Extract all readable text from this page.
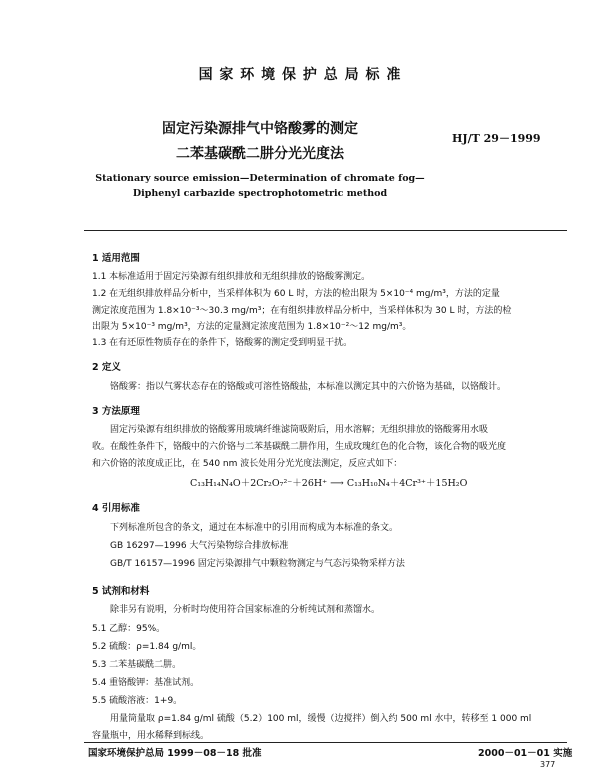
国 家 环 境 保 护 总 局 标 准
固定污染源排气中铬酸雾的测定
二苯基碳酰二肼分光光度法
HJ/T 29－1999
Stationary source emission—Determination of chromate fog—
Diphenyl carbazide spectrophotometric method
1 适用范围
1.1 本标准适用于固定污染源有组织排放和无组织排放的铬酸雾测定。
1.2 在无组织排放样品分析中，当采样体积为 60 L 时，方法的检出限为 5×10⁻⁴ mg/m³，方法的定量
测定浓度范围为 1.8×10⁻³～30.3 mg/m³；在有组织排放样品分析中，当采样体积为 30 L 时，方法的检
出限为 5×10⁻³ mg/m³，方法的定量测定浓度范围为 1.8×10⁻²～12 mg/m³。
1.3 在有还原性物质存在的条件下，铬酸雾的测定受到明显干扰。
2 定义
铬酸雾：指以气雾状态存在的铬酸或可溶性铬酸盐，本标准以测定其中的六价铬为基础，以铬酸计。
3 方法原理
固定污染源有组织排放的铬酸雾用玻璃纤维滤筒吸附后，用水溶解；无组织排放的铬酸雾用水吸
收。在酸性条件下，铬酸中的六价铬与二苯基碳酰二肼作用，生成玫瑰红色的化合物，该化合物的吸光度
和六价铬的浓度成正比，在 540 nm 波长处用分光光度法测定，反应式如下：
C₁₃H₁₄N₄O＋2Cr₂O₇²⁻＋26H⁺ ⟶ C₁₃H₁₀N₄＋4Cr³⁺＋15H₂O
4 引用标准
下列标准所包含的条文，通过在本标准中的引用而构成为本标准的条文。
GB 16297—1996 大气污染物综合排放标准
GB/T 16157—1996 固定污染源排气中颗粒物测定与气态污染物采样方法
5 试剂和材料
除非另有说明，分析时均使用符合国家标准的分析纯试剂和蒸馏水。
5.1 乙醇：95%。
5.2 硫酸：ρ=1.84 g/ml。
5.3 二苯基碳酰二肼。
5.4 重铬酸钾：基准试剂。
5.5 硫酸溶液：1+9。
用量筒量取 ρ=1.84 g/ml 硫酸（5.2）100 ml，缓慢（边搅拌）倒入约 500 ml 水中，转移至 1 000 ml
容量瓶中，用水稀释到标线。
国家环境保护总局 1999－08－18 批准	2000－01－01 实施
377
